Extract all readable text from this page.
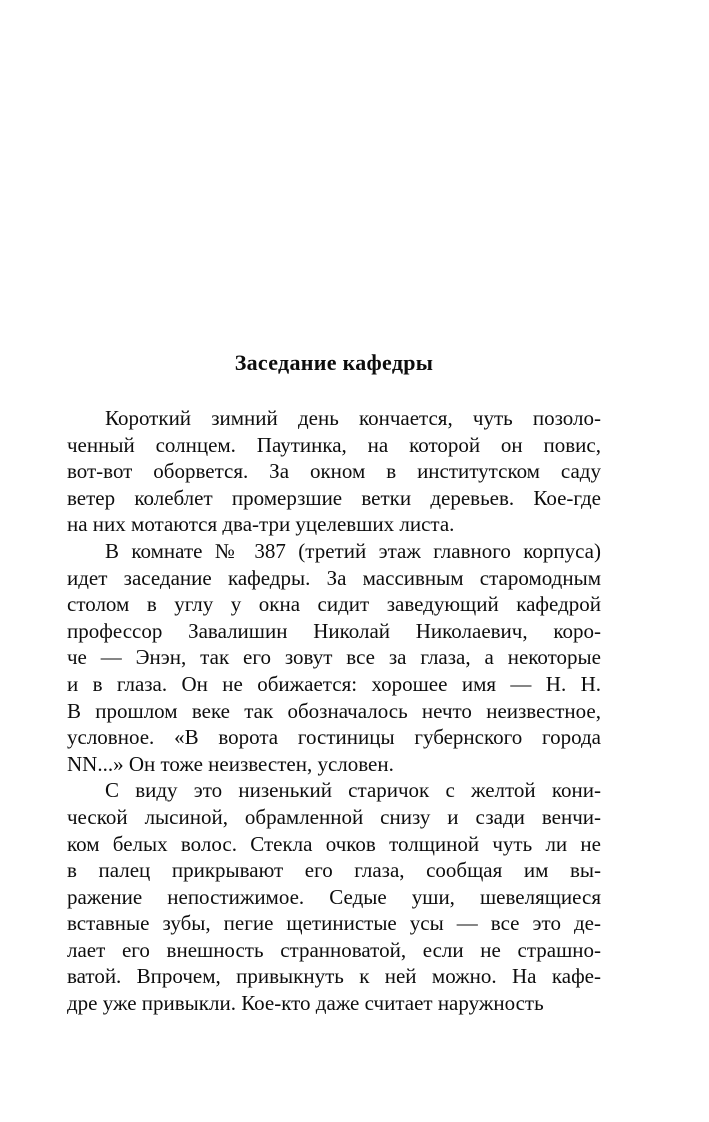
Заседание кафедры
Короткий зимний день кончается, чуть позоло-
ченный солнцем. Паутинка, на которой он повис,
вот-вот оборвется. За окном в институтском саду
ветер колеблет промерзшие ветки деревьев. Кое-где
на них мотаются два-три уцелевших листа.
В комнате № 387 (третий этаж главного корпуса)
идет заседание кафедры. За массивным старомодным
столом в углу у окна сидит заведующий кафедрой
профессор Завалишин Николай Николаевич, коро-
че — Энэн, так его зовут все за глаза, а некоторые
и в глаза. Он не обижается: хорошее имя — Н. Н.
В прошлом веке так обозначалось нечто неизвестное,
условное. «В ворота гостиницы губернского города
NN...» Он тоже неизвестен, условен.
С виду это низенький старичок с желтой кони-
ческой лысиной, обрамленной снизу и сзади венчи-
ком белых волос. Стекла очков толщиной чуть ли не
в палец прикрывают его глаза, сообщая им вы-
ражение непостижимое. Седые уши, шевелящиеся
вставные зубы, пегие щетинистые усы — все это де-
лает его внешность странноватой, если не страшно-
ватой. Впрочем, привыкнуть к ней можно. На кафе-
дре уже привыкли. Кое-кто даже считает наружность
